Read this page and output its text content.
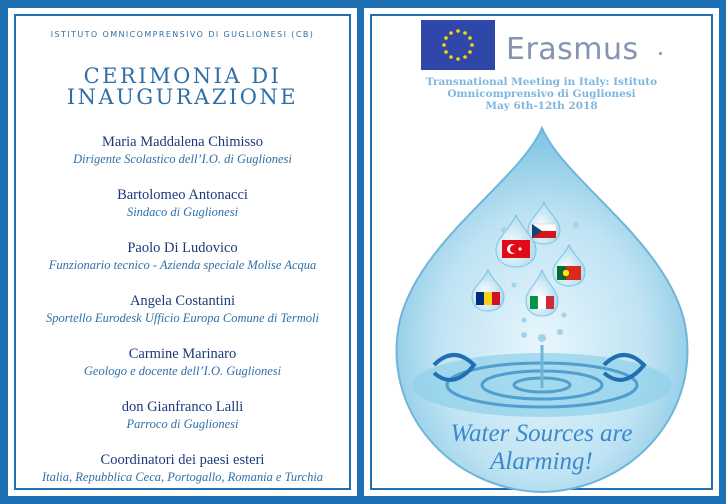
ISTITUTO OMNICOMPRENSIVO DI GUGLIONESI (CB)
CERIMONIA DI
INAUGURAZIONE
Maria Maddalena Chimisso
Dirigente Scolastico dell’I.O. di Guglionesi
Bartolomeo Antonacci
Sindaco di Guglionesi
Paolo Di Ludovico
Funzionario tecnico - Azienda speciale Molise Acqua
Angela Costantini
Sportello Eurodesk Ufficio Europa Comune di Termoli
Carmine Marinaro
Geologo e docente dell’I.O. Guglionesi
don Gianfranco Lalli
Parroco di Guglionesi
Coordinatori dei paesi esteri
Italia, Repubblica Ceca, Portogallo, Romania e Turchia
Erasmus
Transnational Meeting in Italy: Istituto
Omnicomprensivo di Guglionesi
May 6th-12th 2018
Water Sources are
Alarming!
